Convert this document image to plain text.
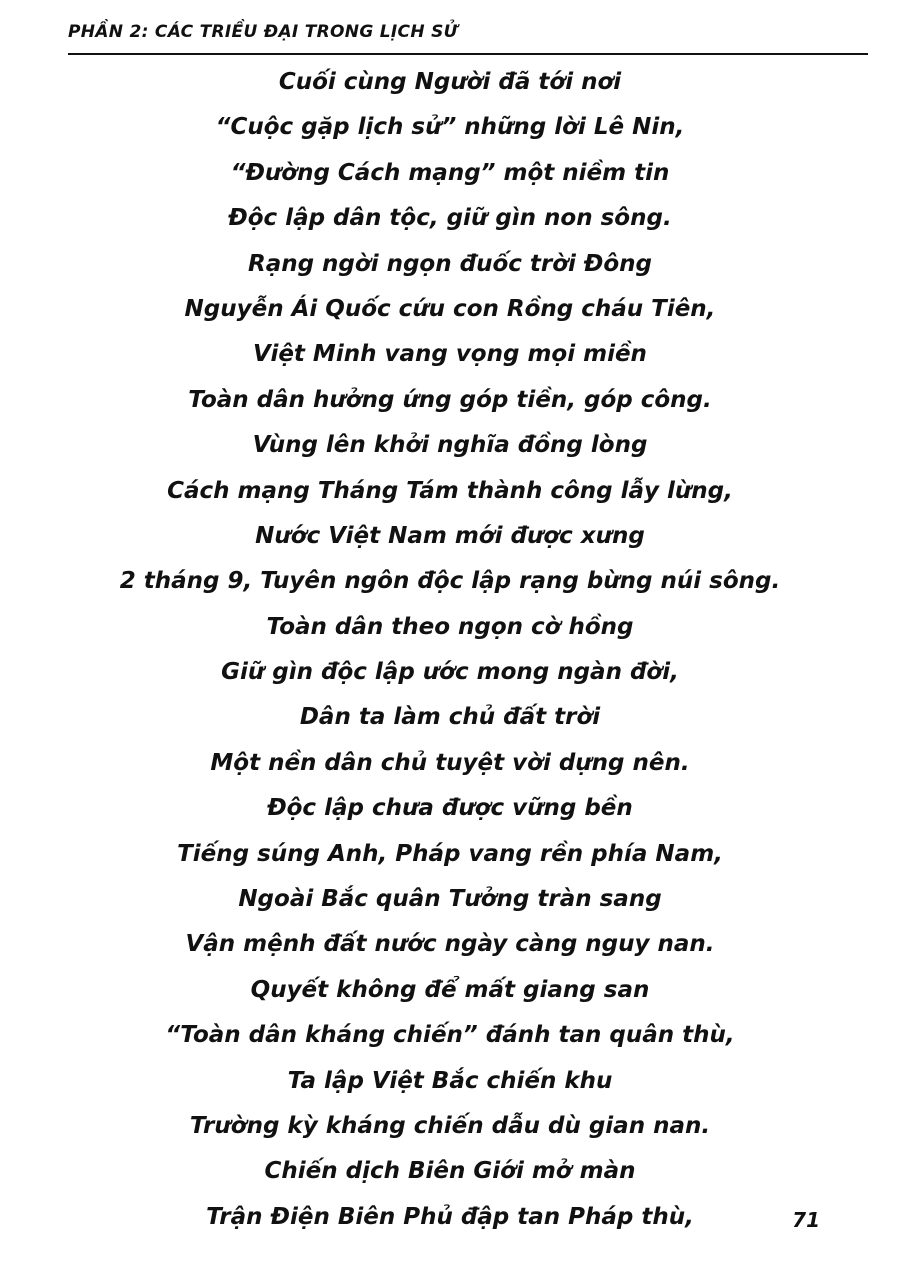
PHẦN 2: CÁC TRIỀU ĐẠI TRONG LỊCH SỬ
Cuối cùng Người đã tới nơi
“Cuộc gặp lịch sử” những lời Lê Nin,
“Đường Cách mạng” một niềm tin
Độc lập dân tộc, giữ gìn non sông.
Rạng ngời ngọn đuốc trời Đông
Nguyễn Ái Quốc cứu con Rồng cháu Tiên,
Việt Minh vang vọng mọi miền
Toàn dân hưởng ứng góp tiền, góp công.
Vùng lên khởi nghĩa đồng lòng
Cách mạng Tháng Tám thành công lẫy lừng,
Nước Việt Nam mới được xưng
2 tháng 9, Tuyên ngôn độc lập rạng bừng núi sông.
Toàn dân theo ngọn cờ hồng
Giữ gìn độc lập ước mong ngàn đời,
Dân ta làm chủ đất trời
Một nền dân chủ tuyệt vời dựng nên.
Độc lập chưa được vững bền
Tiếng súng Anh, Pháp vang rền phía Nam,
Ngoài Bắc quân Tưởng tràn sang
Vận mệnh đất nước ngày càng nguy nan.
Quyết không để mất giang san
“Toàn dân kháng chiến” đánh tan quân thù,
Ta lập Việt Bắc chiến khu
Trường kỳ kháng chiến dẫu dù gian nan.
Chiến dịch Biên Giới mở màn
Trận Điện Biên Phủ đập tan Pháp thù,	71
